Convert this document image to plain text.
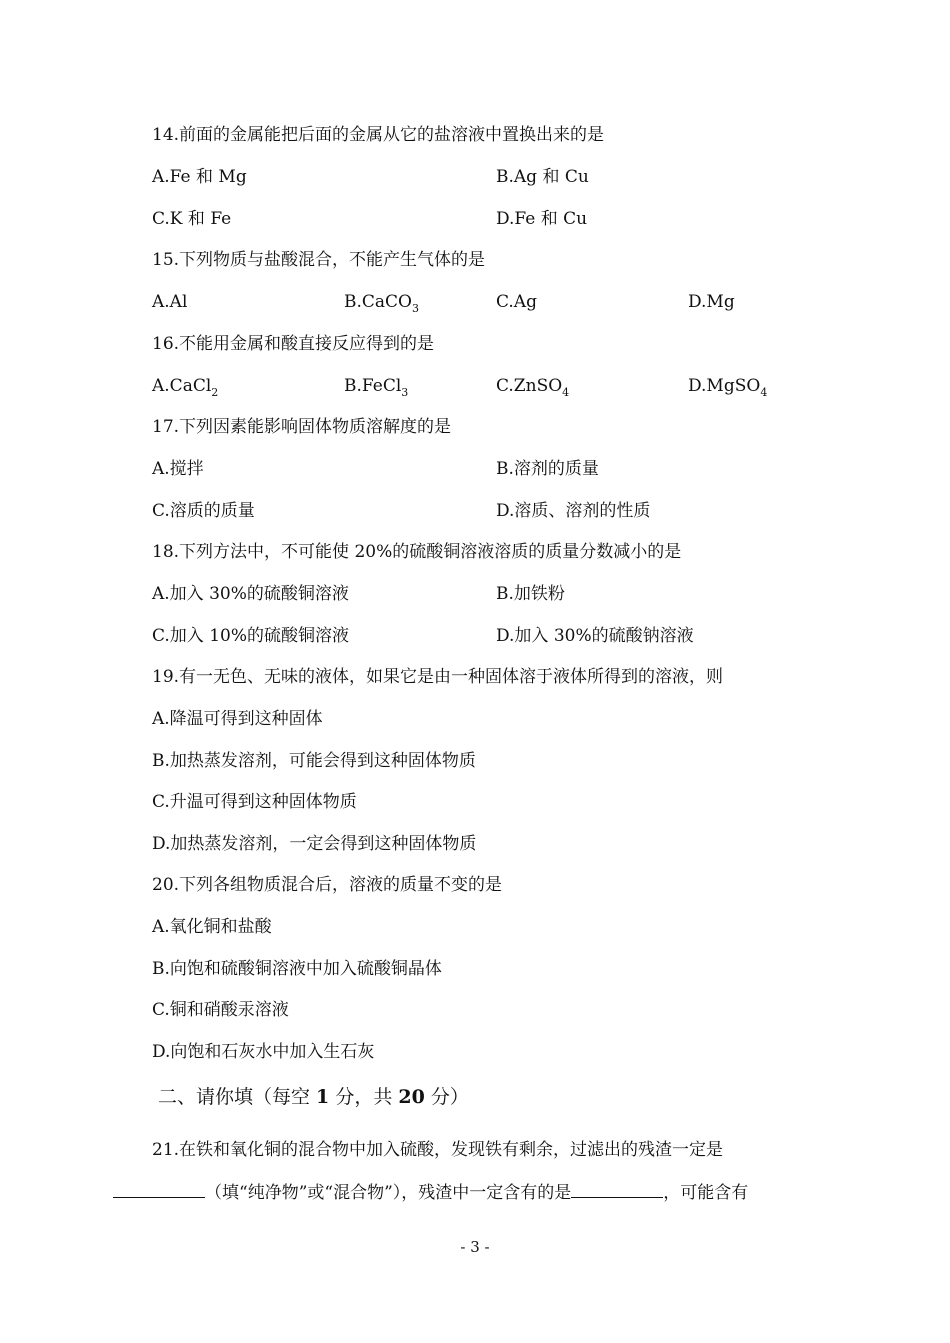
14.前面的金属能把后面的金属从它的盐溶液中置换出来的是
A.Fe 和 Mg	B.Ag 和 Cu
C.K 和 Fe	D.Fe 和 Cu
15.下列物质与盐酸混合，不能产生气体的是
A.Al	B.CaCO$_3$	C.Ag	D.Mg
16.不能用金属和酸直接反应得到的是
A.CaCl$_2$	B.FeCl$_3$	C.ZnSO$_4$	D.MgSO$_4$
17.下列因素能影响固体物质溶解度的是
A.搅拌	B.溶剂的质量
C.溶质的质量	D.溶质、溶剂的性质
18.下列方法中，不可能使 20%的硫酸铜溶液溶质的质量分数减小的是
A.加入 30%的硫酸铜溶液	B.加铁粉
C.加入 10%的硫酸铜溶液	D.加入 30%的硫酸钠溶液
19.有一无色、无味的液体，如果它是由一种固体溶于液体所得到的溶液，则
A.降温可得到这种固体
B.加热蒸发溶剂，可能会得到这种固体物质
C.升温可得到这种固体物质
D.加热蒸发溶剂，一定会得到这种固体物质
20.下列各组物质混合后，溶液的质量不变的是
A.氧化铜和盐酸
B.向饱和硫酸铜溶液中加入硫酸铜晶体
C.铜和硝酸汞溶液
D.向饱和石灰水中加入生石灰
二、请你填（每空 1 分，共 20 分）
21.在铁和氧化铜的混合物中加入硫酸，发现铁有剩余，过滤出的残渣一定是
（填“纯净物”或“混合物”），残渣中一定含有的是	，可能含有
- 3 -
